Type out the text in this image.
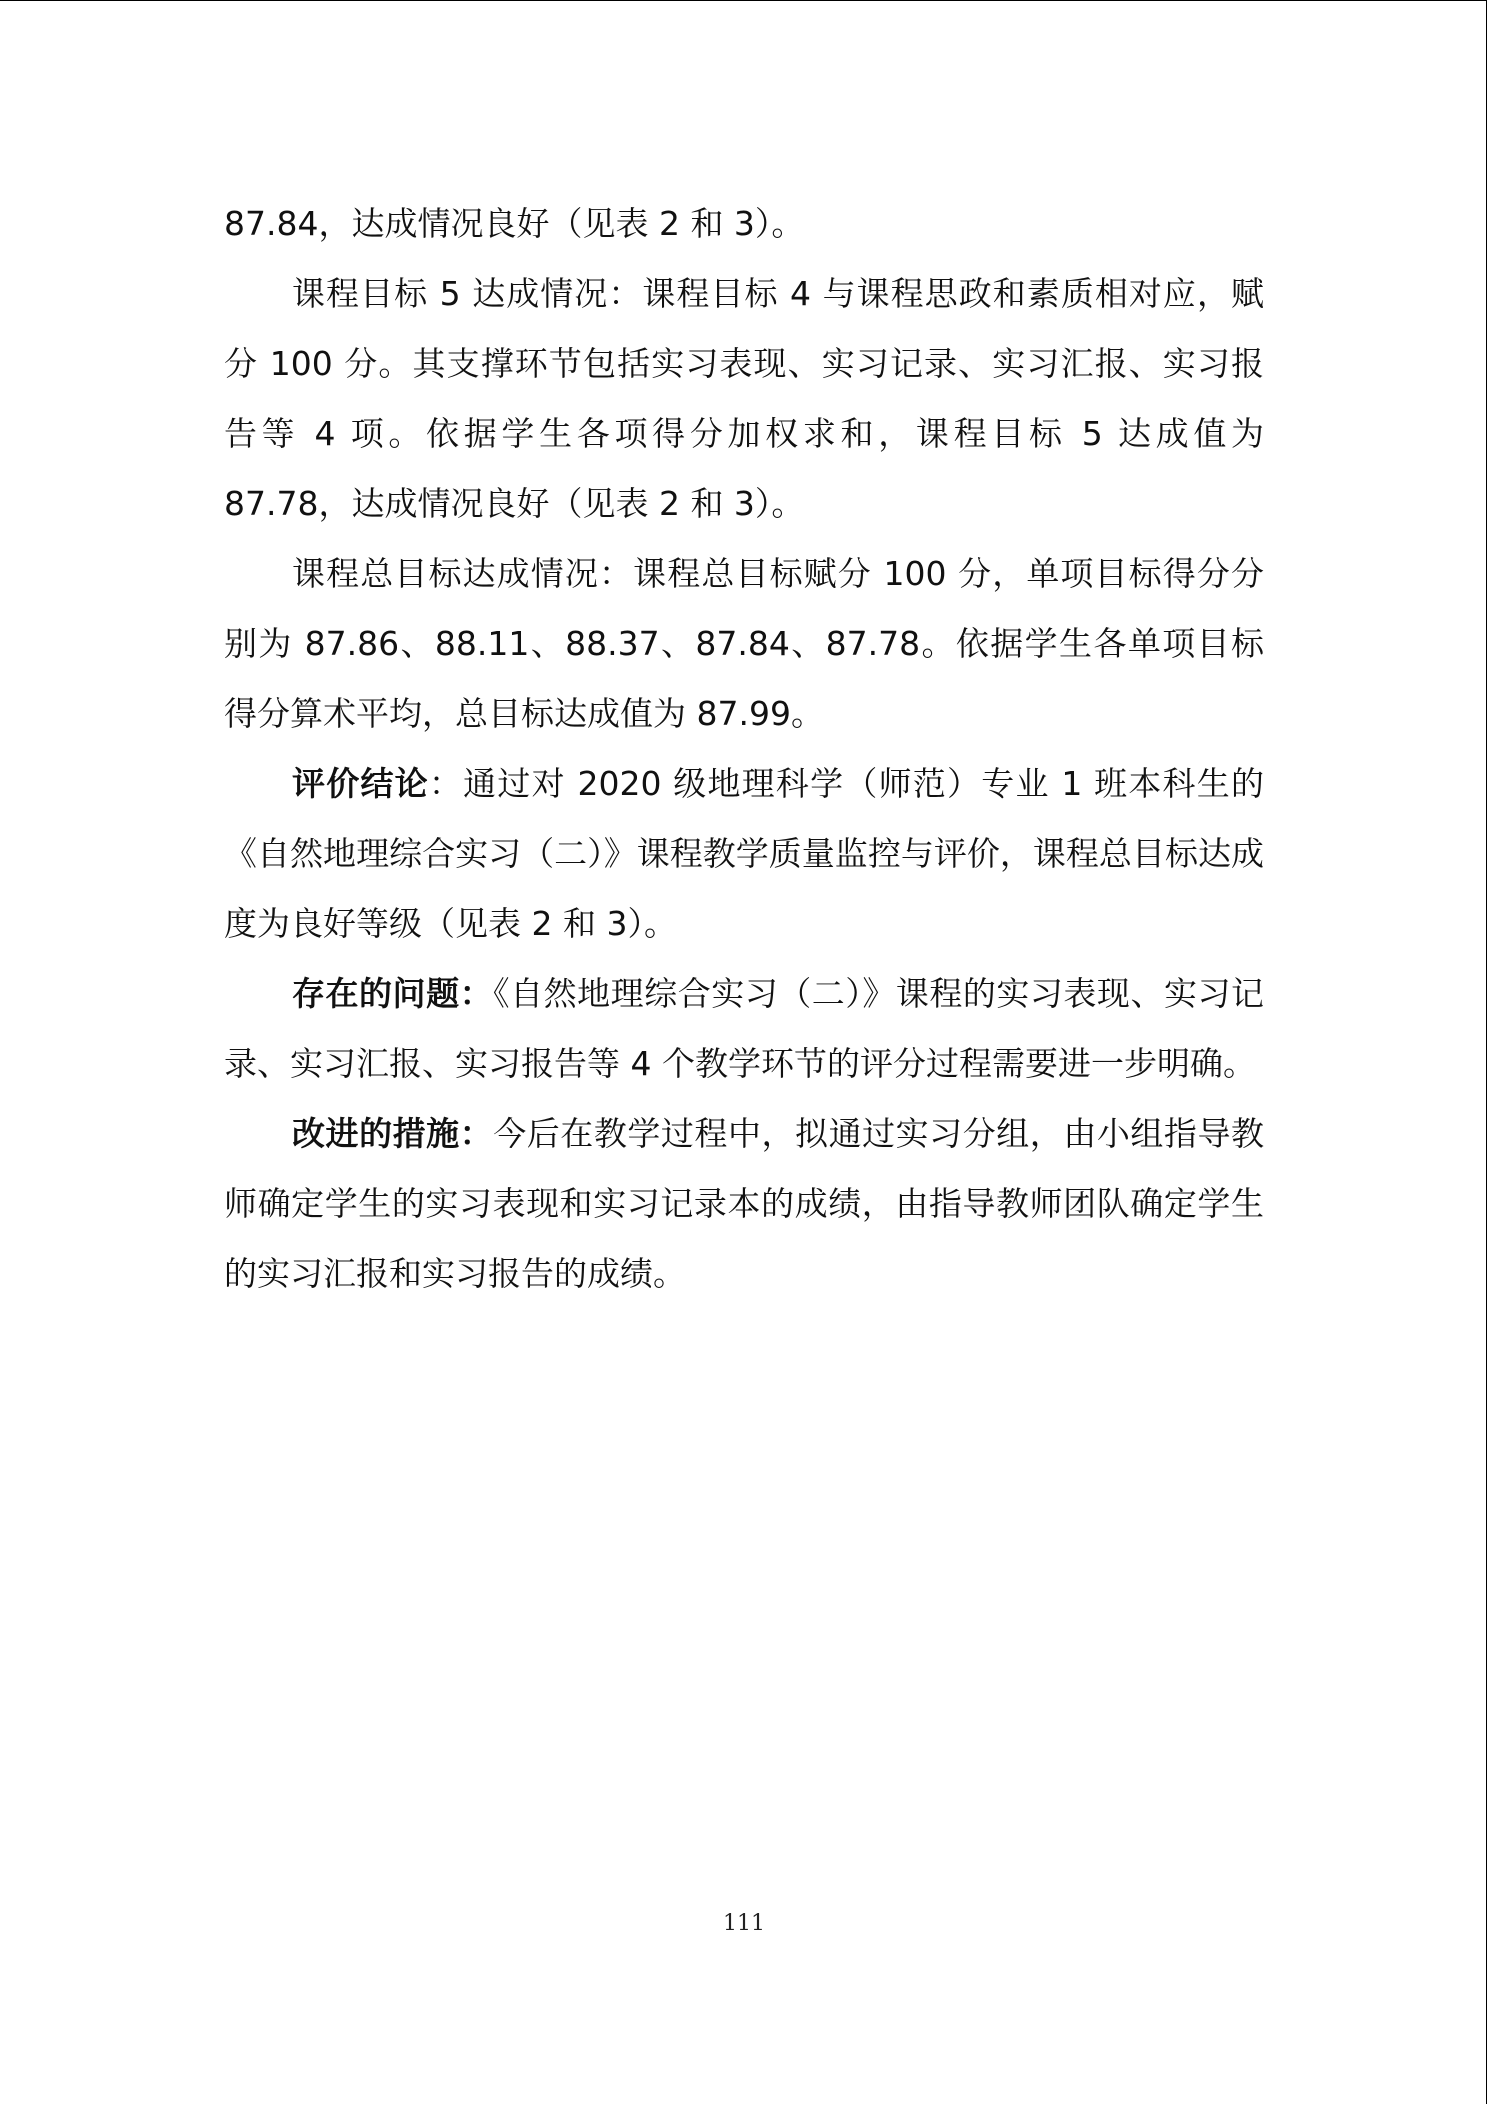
87.84，达成情况良好（见表 2 和 3）。

课程目标 5 达成情况：课程目标 4 与课程思政和素质相对应，赋分 100 分。其支撑环节包括实习表现、实习记录、实习汇报、实习报告等 4 项。依据学生各项得分加权求和，课程目标 5 达成值为 87.78，达成情况良好（见表 2 和 3）。

课程总目标达成情况：课程总目标赋分 100 分，单项目标得分分别为 87.86、88.11、88.37、87.84、87.78。依据学生各单项目标得分算术平均，总目标达成值为 87.99。

评价结论：通过对 2020 级地理科学（师范）专业 1 班本科生的《自然地理综合实习（二）》课程教学质量监控与评价，课程总目标达成度为良好等级（见表 2 和 3）。

存在的问题：《自然地理综合实习（二）》课程的实习表现、实习记录、实习汇报、实习报告等 4 个教学环节的评分过程需要进一步明确。

改进的措施：今后在教学过程中，拟通过实习分组，由小组指导教师确定学生的实习表现和实习记录本的成绩，由指导教师团队确定学生的实习汇报和实习报告的成绩。

111
